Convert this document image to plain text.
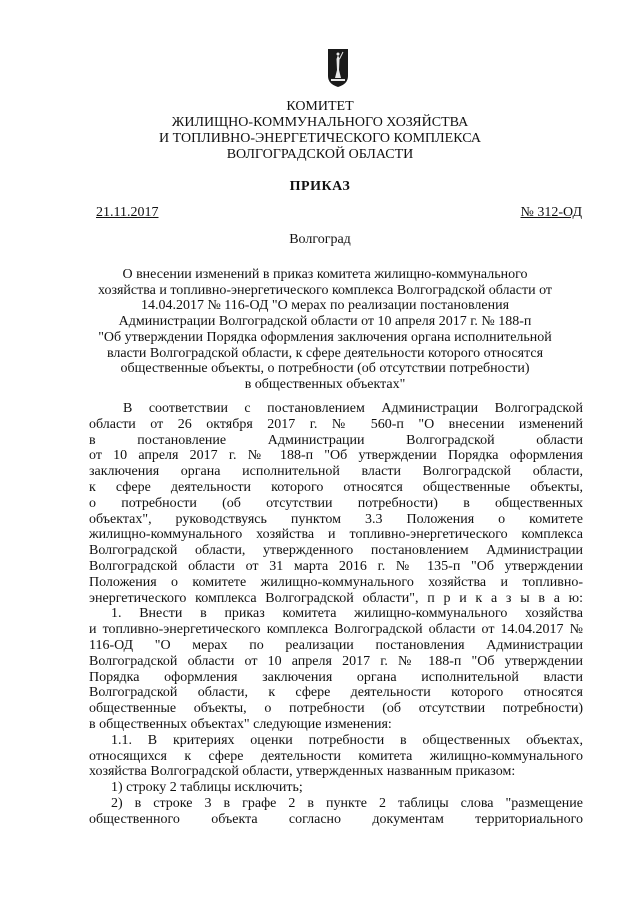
КОМИТЕТ
ЖИЛИЩНО-КОММУНАЛЬНОГО ХОЗЯЙСТВА
И ТОПЛИВНО-ЭНЕРГЕТИЧЕСКОГО КОМПЛЕКСА
ВОЛГОГРАДСКОЙ ОБЛАСТИ
ПРИКАЗ
21.11.2017	№ 312-ОД
Волгоград
О внесении изменений в приказ комитета жилищно-коммунального
хозяйства и топливно-энергетического комплекса Волгоградской области от
14.04.2017 № 116-ОД "О мерах по реализации постановления
Администрации Волгоградской области от 10 апреля 2017 г. № 188-п
"Об утверждении Порядка оформления заключения органа исполнительной
власти Волгоградской области, к сфере деятельности которого относятся
общественные объекты, о потребности (об отсутствии потребности)
в общественных объектах"
В соответствии с постановлением Администрации Волгоградской
области от 26 октября 2017 г. № 560-п "О внесении изменений
в постановление Администрации Волгоградской области
от 10 апреля 2017 г. № 188-п "Об утверждении Порядка оформления
заключения органа исполнительной власти Волгоградской области,
к сфере деятельности которого относятся общественные объекты,
о потребности (об отсутствии потребности) в общественных
объектах", руководствуясь пунктом 3.3 Положения о комитете
жилищно-коммунального хозяйства и топливно-энергетического комплекса
Волгоградской области, утвержденного постановлением Администрации
Волгоградской области от 31 марта 2016 г. № 135-п "Об утверждении
Положения о комитете жилищно-коммунального хозяйства и топливно-
энергетического комплекса Волгоградской области", п р и к а з ы в а ю:
1. Внести в приказ комитета жилищно-коммунального хозяйства
и топливно-энергетического комплекса Волгоградской области от 14.04.2017 №
116-ОД "О мерах по реализации постановления Администрации
Волгоградской области от 10 апреля 2017 г. № 188-п "Об утверждении
Порядка оформления заключения органа исполнительной власти
Волгоградской области, к сфере деятельности которого относятся
общественные объекты, о потребности (об отсутствии потребности)
в общественных объектах" следующие изменения:
1.1. В критериях оценки потребности в общественных объектах,
относящихся к сфере деятельности комитета жилищно-коммунального
хозяйства Волгоградской области, утвержденных названным приказом:
1) строку 2 таблицы исключить;
2) в строке 3 в графе 2 в пункте 2 таблицы слова "размещение
общественного объекта согласно документам территориального
